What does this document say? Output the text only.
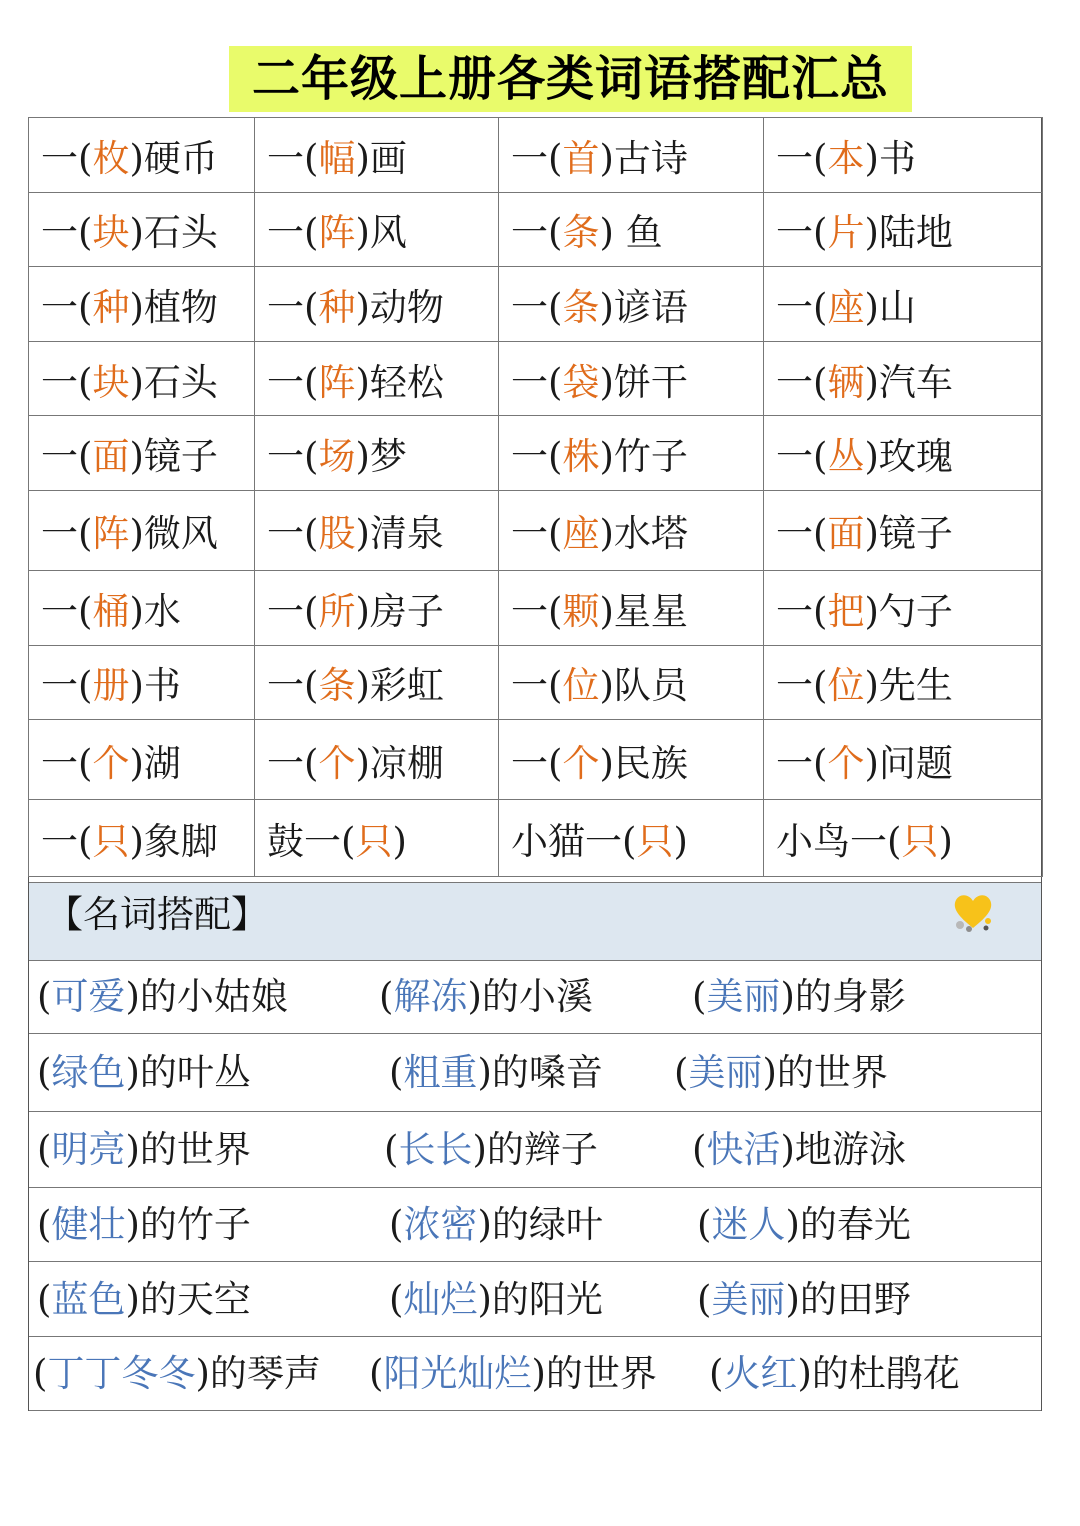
二年级上册各类词语搭配汇总
一(枚)硬币	一(幅)画	一(首)古诗	一(本)书
一(块)石头	一(阵)风	一(条) 鱼	一(片)陆地
一(种)植物	一(种)动物	一(条)谚语	一(座)山
一(块)石头	一(阵)轻松	一(袋)饼干	一(辆)汽车
一(面)镜子	一(场)梦	一(株)竹子	一(丛)玫瑰
一(阵)微风	一(股)清泉	一(座)水塔	一(面)镜子
一(桶)水	一(所)房子	一(颗)星星	一(把)勺子
一(册)书	一(条)彩虹	一(位)队员	一(位)先生
一(个)湖	一(个)凉棚	一(个)民族	一(个)问题
一(只)象脚	鼓一(只)	小猫一(只)	小鸟一(只)
【名词搭配】
(可爱)的小姑娘 (解冻)的小溪	(美丽)的身影
(绿色)的叶丛	(粗重)的嗓音 (美丽)的世界
(明亮)的世界	(长长)的辫子	(快活)地游泳
(健壮)的竹子	(浓密)的绿叶	(迷人)的春光
(蓝色)的天空	(灿烂)的阳光	(美丽)的田野
(丁丁冬冬)的琴声 (阳光灿烂)的世界 (火红)的杜鹃花
